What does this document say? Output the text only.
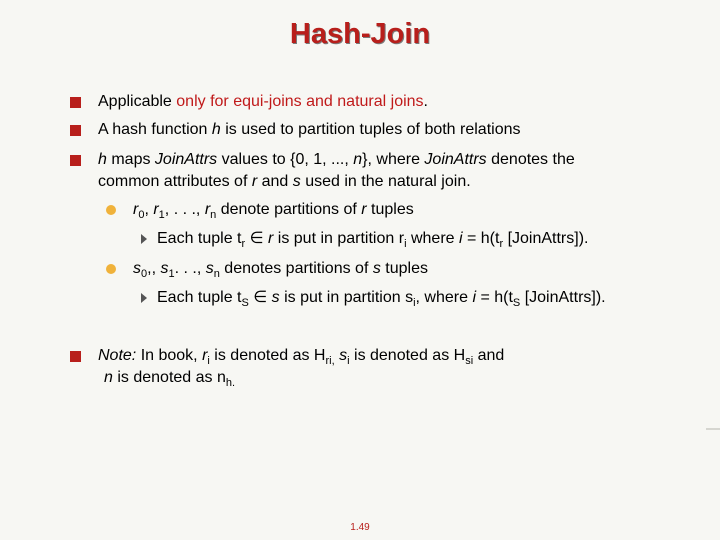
Hash-Join
Applicable only for equi-joins and natural joins.
A hash function h is used to partition tuples of both relations
h maps JoinAttrs values to {0, 1, ..., n}, where JoinAttrs denotes the
common attributes of r and s used in the natural join.
$r_0$, $r_1$, . . ., $r_n$ denote partitions of r tuples
Each tuple $t_r$ ∈ r is put in partition $r_i$ where $i = h(t_r$ [JoinAttrs]).
$s_0$,, $s_1$. . ., $s_n$ denotes partitions of s tuples
Each tuple $t_S$ ∈ s is put in partition $s_i$, where $i = h(t_S$ [JoinAttrs]).
Note: In book, $r_i$ is denoted as $H_{ri,}$ $s_i$ is denoted as $H_{si}$ and
n is denoted as $n_{h.}$
1.49
